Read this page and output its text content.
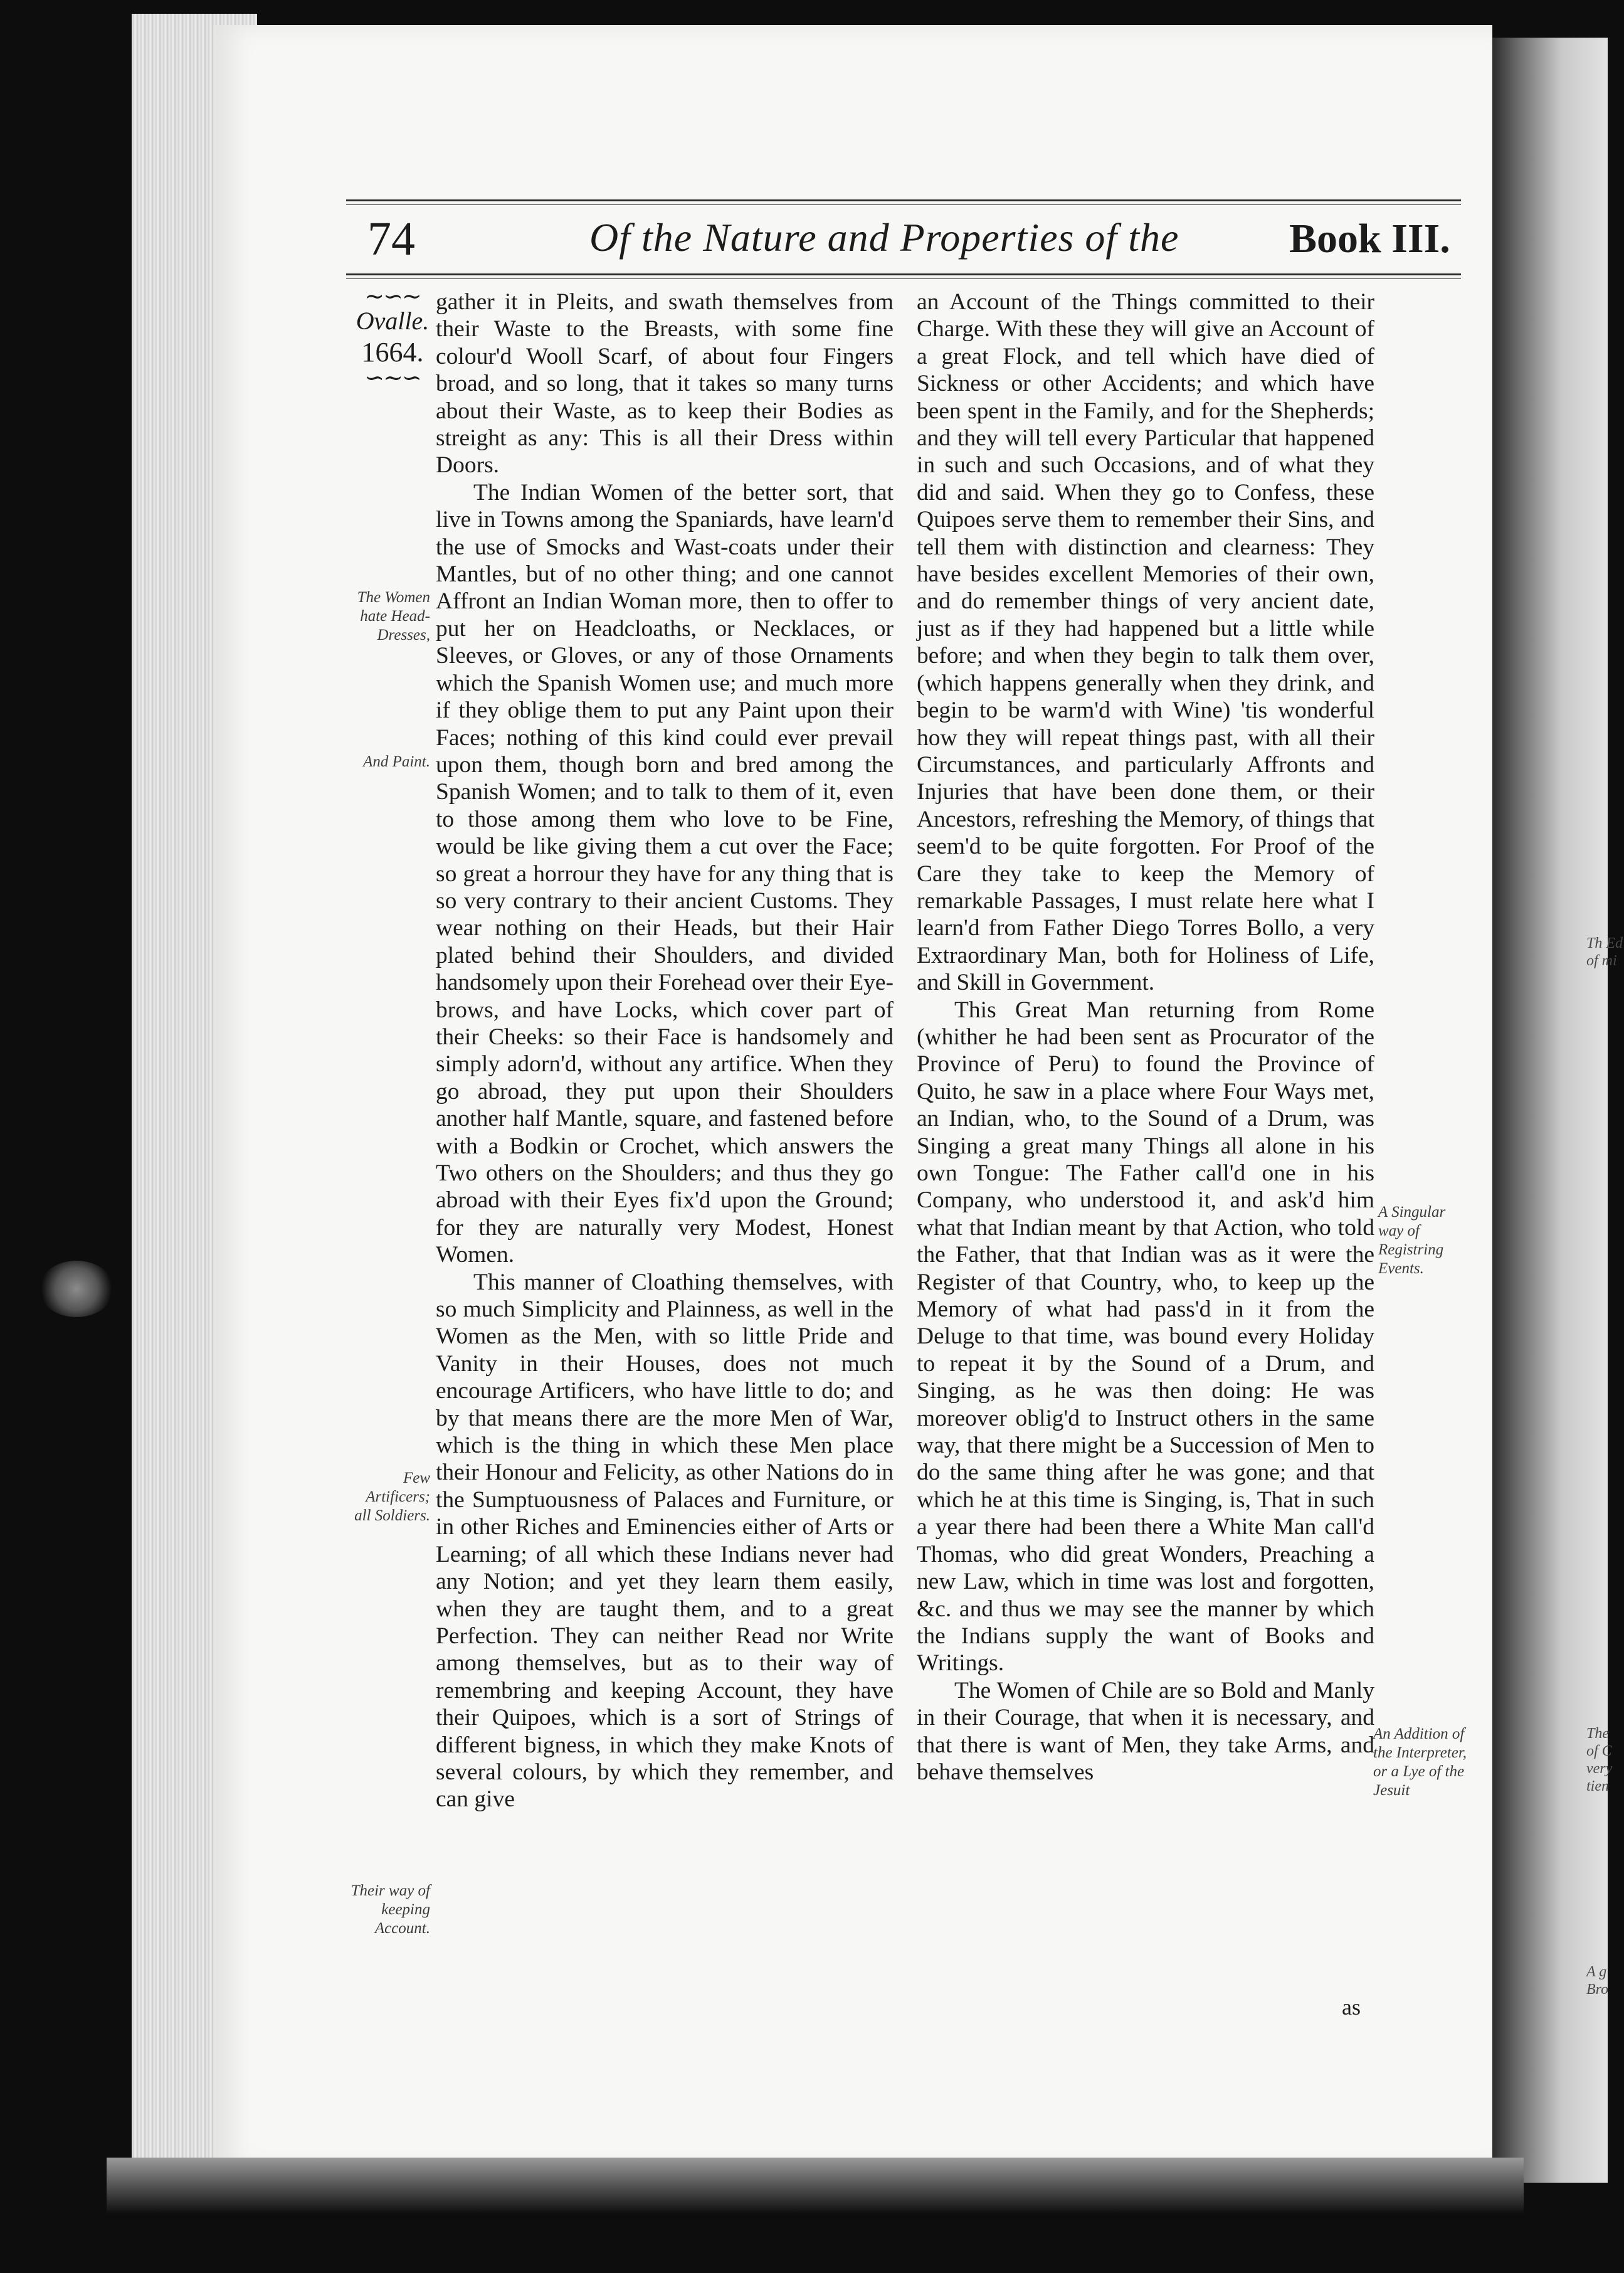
Th Ed of mi
The of C very tien
A g Bro
74	Of the Nature and Properties of the	Book III.
∼∽∼
Ovalle.
1664.
∽∼∽

gather it in Pleits, and swath themselves from their Waste to the Breasts, with some fine colour'd Wooll Scarf, of about four Fingers broad, and so long, that it takes so many turns about their Waste, as to keep their Bodies as streight as any: This is all their Dress within Doors.

The Indian Women of the better sort, that live in Towns among the Spaniards, have learn'd the use of Smocks and Wast-coats under their Mantles, but of no other thing; and one cannot Affront an Indian Woman more, then to offer to put her on Headcloaths, or Necklaces, or Sleeves, or Gloves, or any of those Ornaments which the Spanish Women use; and much more if they oblige them to put any Paint upon their Faces; nothing of this kind could ever prevail upon them, though born and bred among the Spanish Women; and to talk to them of it, even to those among them who love to be Fine, would be like giving them a cut over the Face; so great a horrour they have for any thing that is so very contrary to their ancient Customs. They wear nothing on their Heads, but their Hair plated behind their Shoulders, and divided handsomely upon their Forehead over their Eye-brows, and have Locks, which cover part of their Cheeks: so their Face is handsomely and simply adorn'd, without any artifice. When they go abroad, they put upon their Shoulders another half Mantle, square, and fastened before with a Bodkin or Crochet, which answers the Two others on the Shoulders; and thus they go abroad with their Eyes fix'd upon the Ground; for they are naturally very Modest, Honest Women.

This manner of Cloathing themselves, with so much Simplicity and Plainness, as well in the Women as the Men, with so little Pride and Vanity in their Houses, does not much encourage Artificers, who have little to do; and by that means there are the more Men of War, which is the thing in which these Men place their Honour and Felicity, as other Nations do in the Sumptuousness of Palaces and Furniture, or in other Riches and Eminencies either of Arts or Learning; of all which these Indians never had any Notion; and yet they learn them easily, when they are taught them, and to a great Perfection. They can neither Read nor Write among themselves, but as to their way of remembring and keeping Account, they have their Quipoes, which is a sort of Strings of different bigness, in which they make Knots of several colours, by which they remember, and can give

an Account of the Things committed to their Charge. With these they will give an Account of a great Flock, and tell which have died of Sickness or other Accidents; and which have been spent in the Family, and for the Shepherds; and they will tell every Particular that happened in such and such Occasions, and of what they did and said. When they go to Confess, these Quipoes serve them to remember their Sins, and tell them with distinction and clearness: They have besides excellent Memories of their own, and do remember things of very ancient date, just as if they had happened but a little while before; and when they begin to talk them over, (which happens generally when they drink, and begin to be warm'd with Wine) 'tis wonderful how they will repeat things past, with all their Circumstances, and particularly Affronts and Injuries that have been done them, or their Ancestors, refreshing the Memory, of things that seem'd to be quite forgotten. For Proof of the Care they take to keep the Memory of remarkable Passages, I must relate here what I learn'd from Father Diego Torres Bollo, a very Extraordinary Man, both for Holiness of Life, and Skill in Government.

This Great Man returning from Rome (whither he had been sent as Procurator of the Province of Peru) to found the Province of Quito, he saw in a place where Four Ways met, an Indian, who, to the Sound of a Drum, was Singing a great many Things all alone in his own Tongue: The Father call'd one in his Company, who understood it, and ask'd him what that Indian meant by that Action, who told the Father, that that Indian was as it were the Register of that Country, who, to keep up the Memory of what had pass'd in it from the Deluge to that time, was bound every Holiday to repeat it by the Sound of a Drum, and Singing, as he was then doing: He was moreover oblig'd to Instruct others in the same way, that there might be a Succession of Men to do the same thing after he was gone; and that which he at this time is Singing, is, That in such a year there had been there a White Man call'd Thomas, who did great Wonders, Preaching a new Law, which in time was lost and forgotten, &c. and thus we may see the manner by which the Indians supply the want of Books and Writings.

The Women of Chile are so Bold and Manly in their Courage, that when it is necessary, and that there is want of Men, they take Arms, and behave themselves

The Women hate Head-Dresses,
And Paint.
Few Artificers; all Soldiers.
Their way of keeping Account.
A Singular way of Registring Events.
An Addition of the Interpreter, or a Lye of the Jesuit
as
